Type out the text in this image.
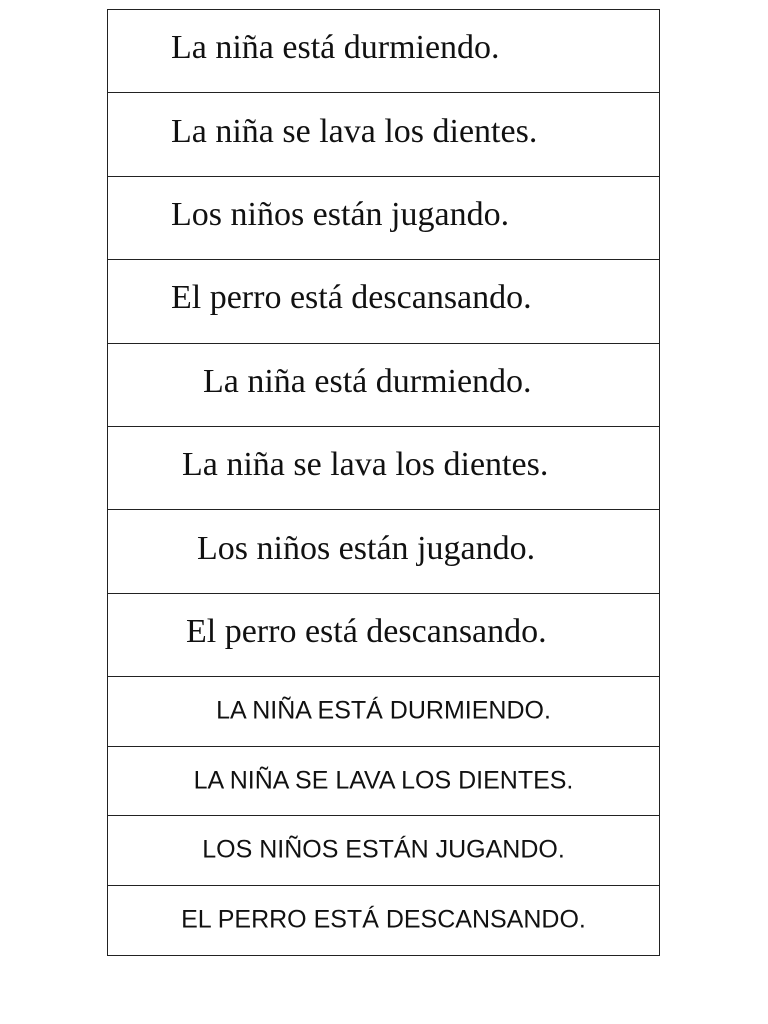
La niña está durmiendo.
La niña se lava los dientes.
Los niños están jugando.
El perro está descansando.
La niña está durmiendo.
La niña se lava los dientes.
Los niños están jugando.
El perro está descansando.
LA NIÑA ESTÁ DURMIENDO.
LA NIÑA SE LAVA LOS DIENTES.
LOS NIÑOS ESTÁN JUGANDO.
EL PERRO ESTÁ DESCANSANDO.
